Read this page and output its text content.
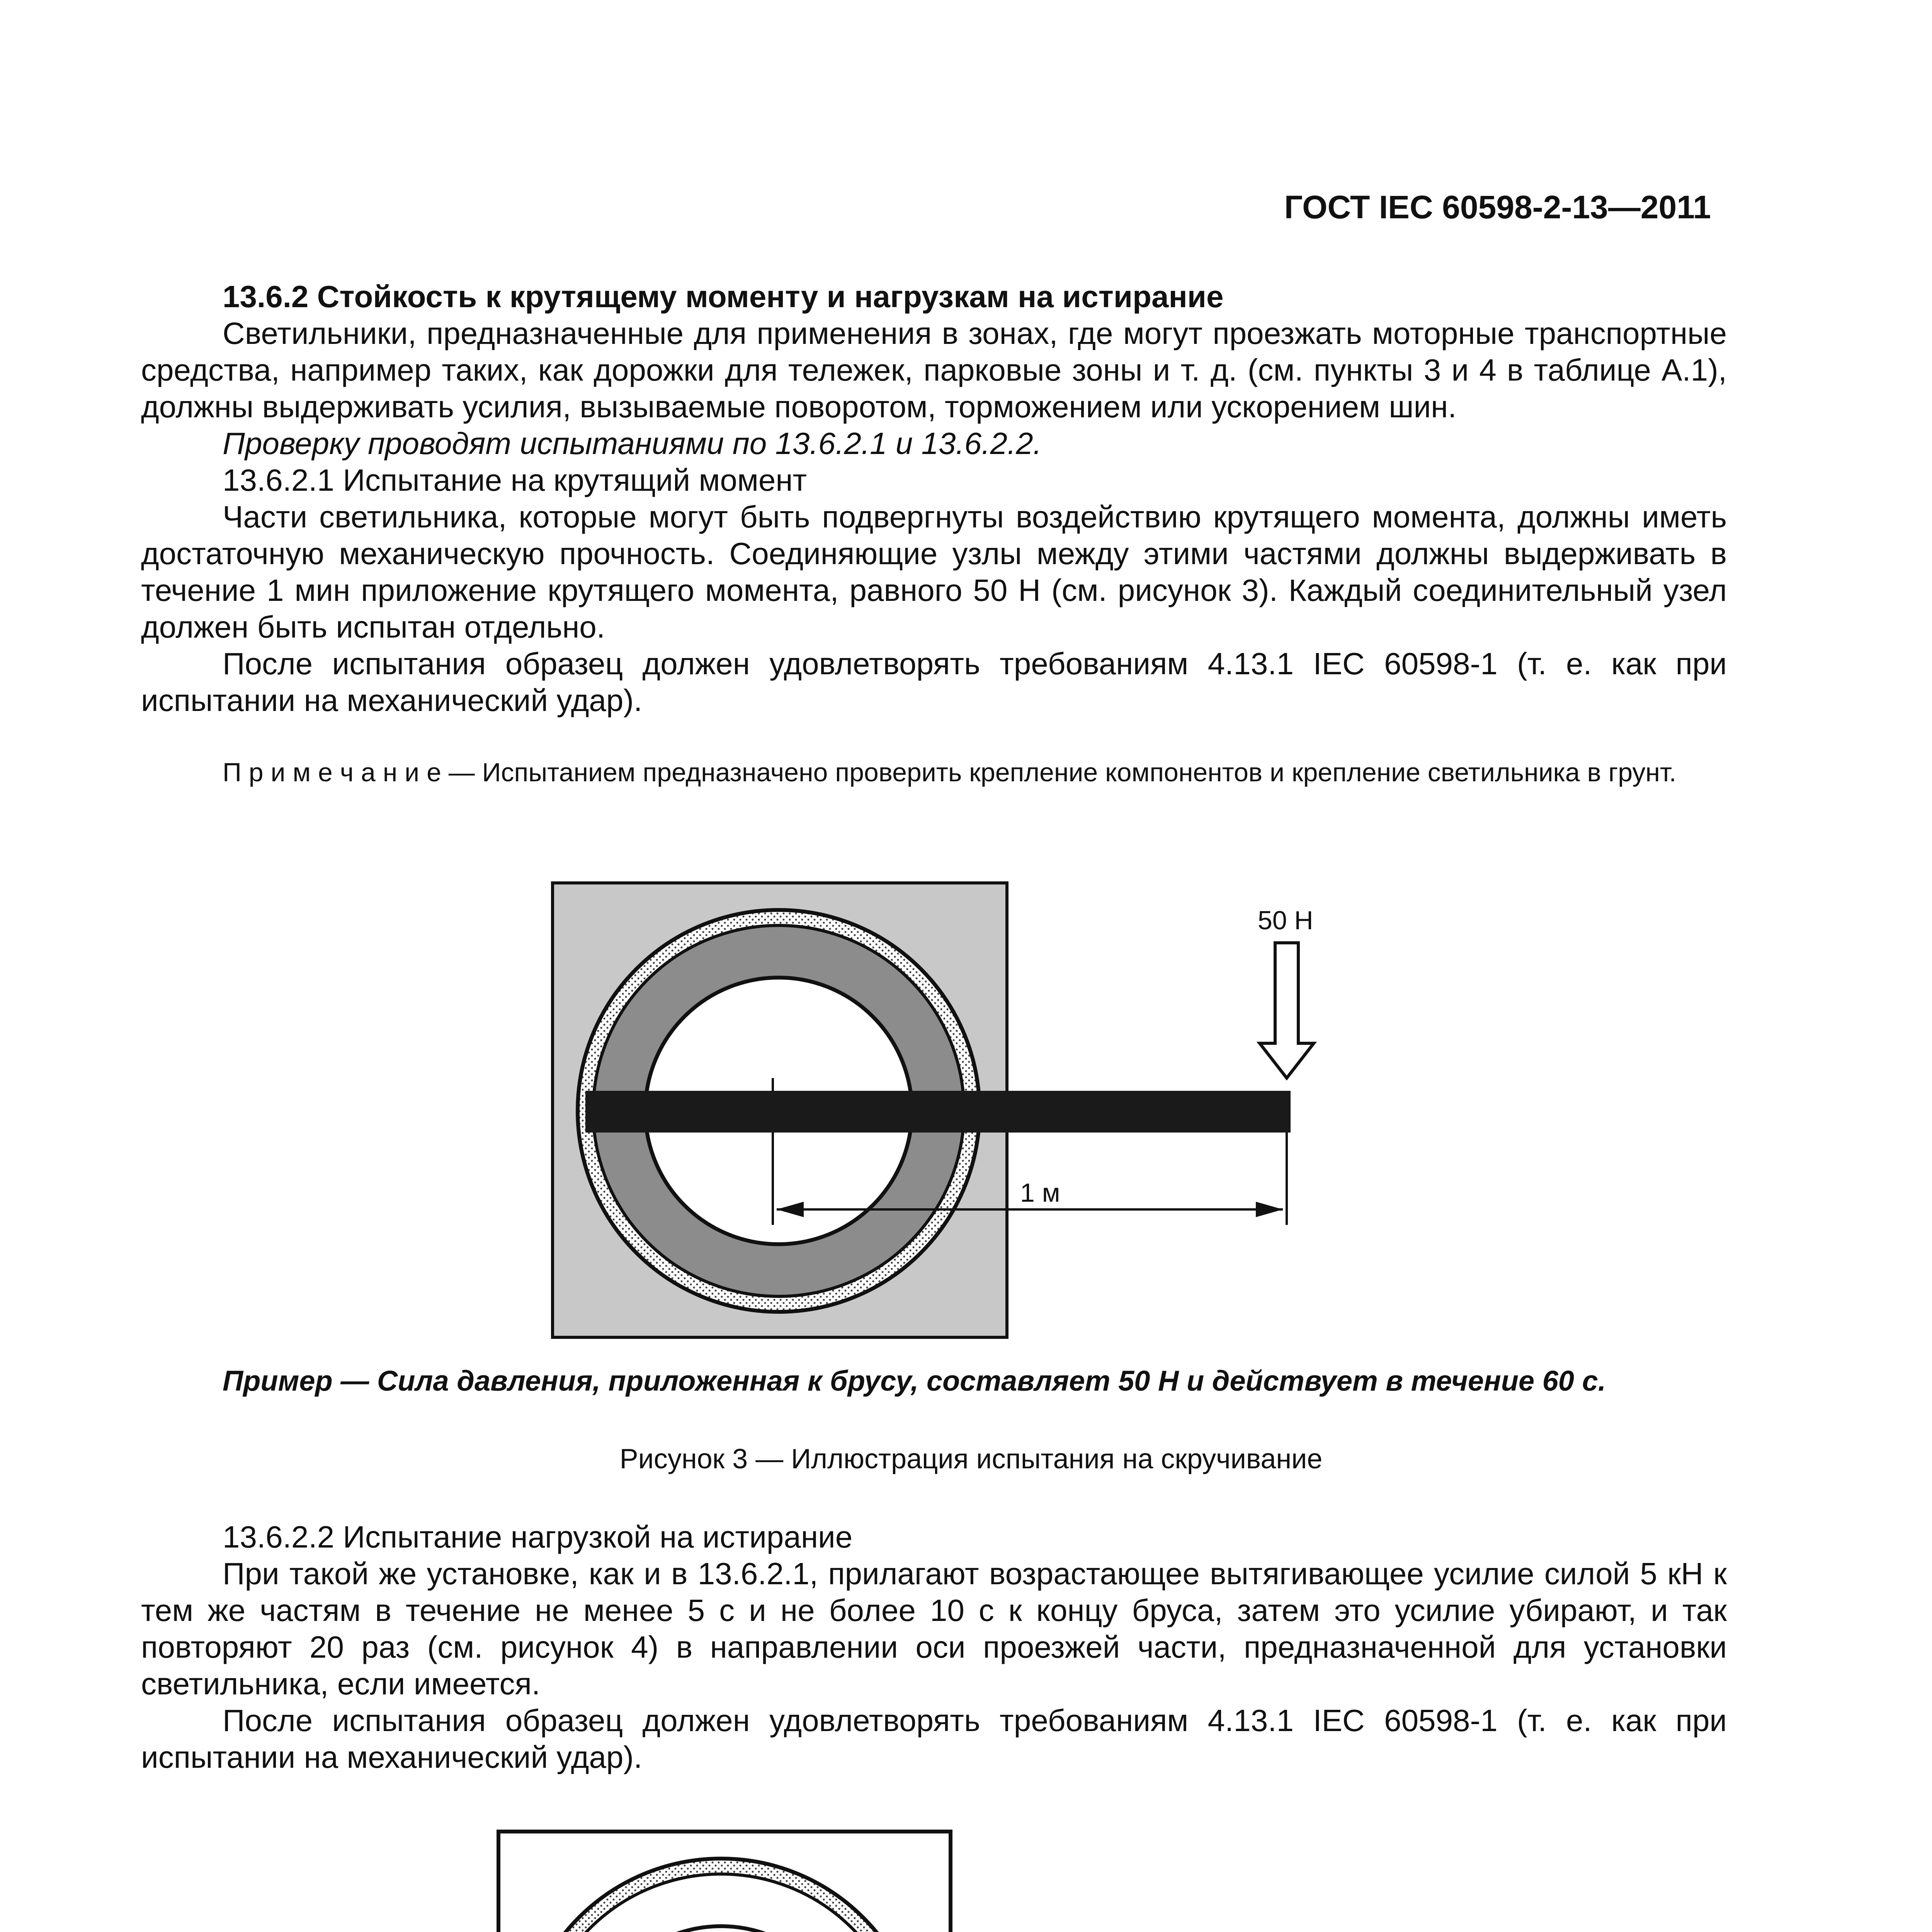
ГОСТ IEC 60598-2-13—2011

13.6.2 Стойкость к крутящему моменту и нагрузкам на истирание

Светильники, предназначенные для применения в зонах, где могут проезжать моторные транспортные средства, например таких, как дорожки для тележек, парковые зоны и т. д. (см. пункты 3 и 4 в таблице А.1), должны выдерживать усилия, вызываемые поворотом, торможением или ускорением шин.

Проверку проводят испытаниями по 13.6.2.1 и 13.6.2.2.

13.6.2.1 Испытание на крутящий момент

Части светильника, которые могут быть подвергнуты воздействию крутящего момента, должны иметь достаточную механическую прочность. Соединяющие узлы между этими частями должны выдерживать в течение 1 мин приложение крутящего момента, равного 50 Н (см. рисунок 3). Каждый соединительный узел должен быть испытан отдельно.

После испытания образец должен удовлетворять требованиям 4.13.1 IEC 60598-1 (т. е. как при испытании на механический удар).

П р и м е ч а н и е — Испытанием предназначено проверить крепление компонентов и крепление светильника в грунт.

50 Н
1 м
Пример — Сила давления, приложенная к брусу, составляет 50 Н и действует в течение 60 с.
Рисунок 3 — Иллюстрация испытания на скручивание

13.6.2.2 Испытание нагрузкой на истирание

При такой же установке, как и в 13.6.2.1, прилагают возрастающее вытягивающее усилие силой 5 кН к тем же частям в течение не менее 5 с и не более 10 с к концу бруса, затем это усилие убирают, и так повторяют 20 раз (см. рисунок 4) в направлении оси проезжей части, предназначенной для установки светильника, если имеется.

После испытания образец должен удовлетворять требованиям 4.13.1 IEC 60598-1 (т. е. как при испытании на механический удар).
